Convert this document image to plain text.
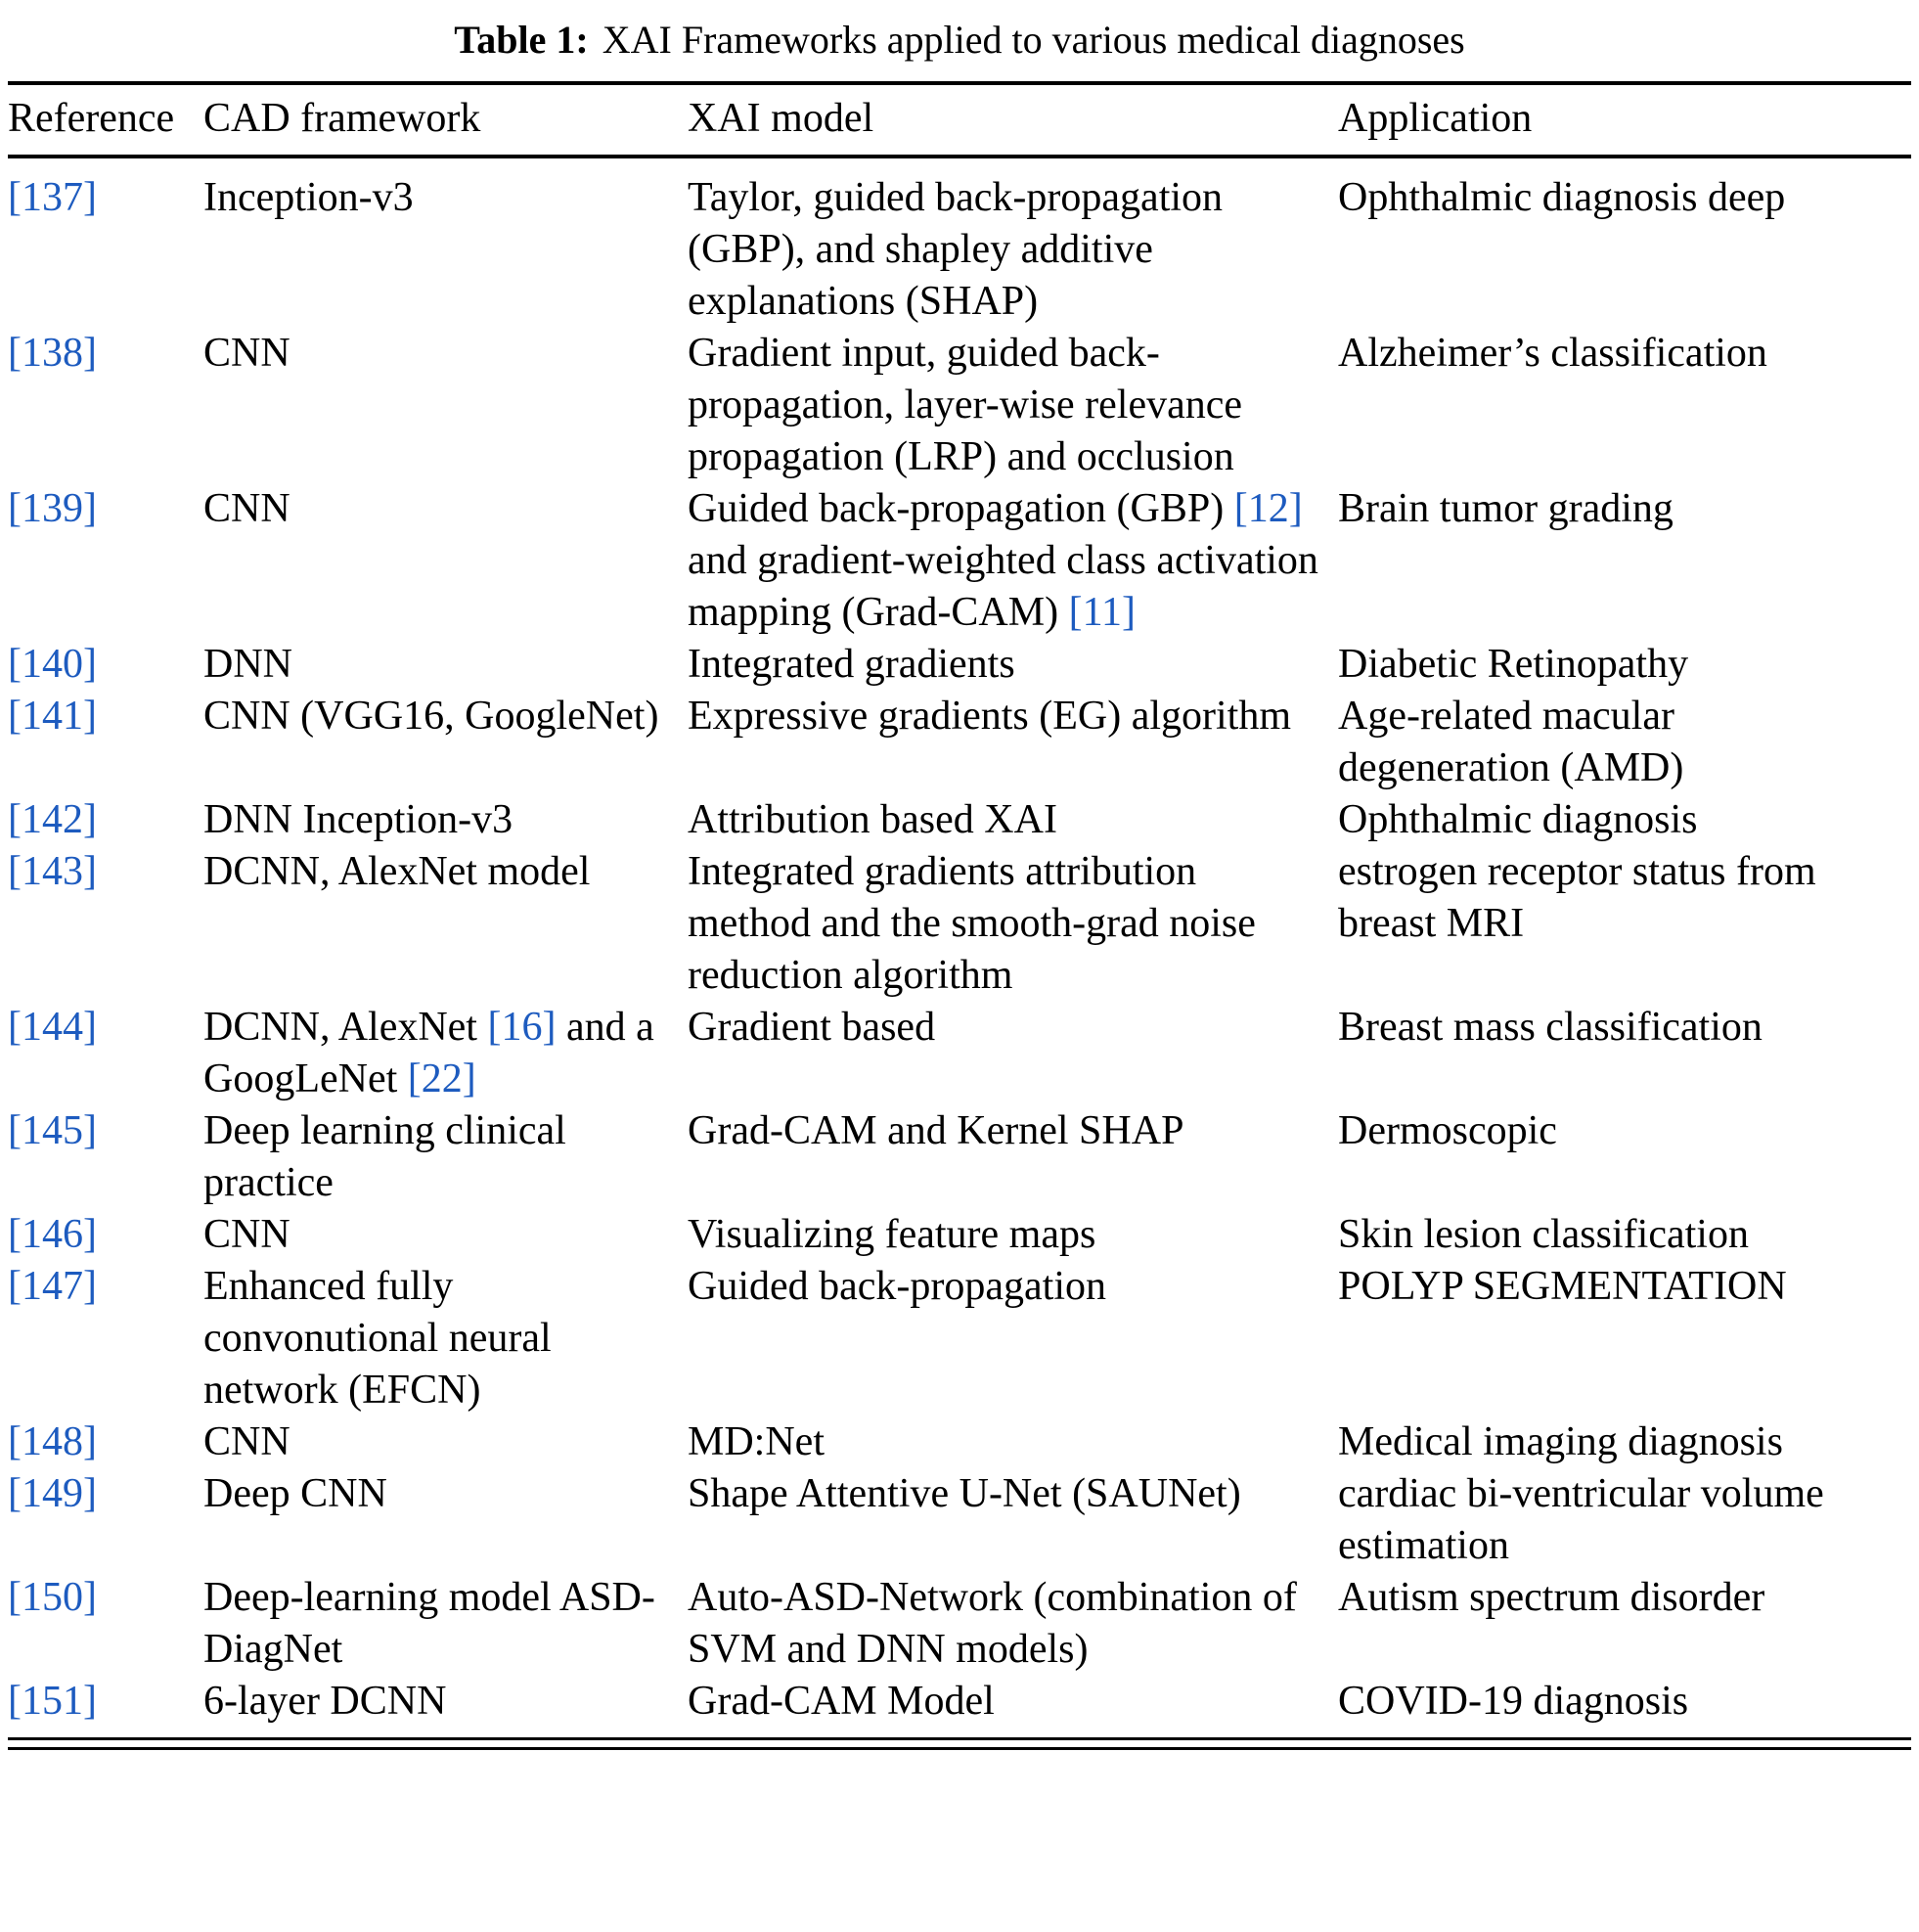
Table 1: XAI Frameworks applied to various medical diagnoses
Reference	CAD framework	XAI model	Application
[137]	Inception-v3	Taylor, guided back-propagation (GBP), and shapley additive explanations (SHAP)	Ophthalmic diagnosis deep
[138]	CNN	Gradient input, guided back-propagation, layer-wise relevance propagation (LRP) and occlusion	Alzheimer’s classification
[139]	CNN	Guided back-propagation (GBP) [12] and gradient-weighted class activation mapping (Grad-CAM) [11]	Brain tumor grading
[140]	DNN	Integrated gradients	Diabetic Retinopathy
[141]	CNN (VGG16, GoogleNet)	Expressive gradients (EG) algorithm	Age-related macular degeneration (AMD)
[142]	DNN Inception-v3	Attribution based XAI	Ophthalmic diagnosis
[143]	DCNN, AlexNet model	Integrated gradients attribution method and the smooth-grad noise reduction algorithm	estrogen receptor status from breast MRI
[144]	DCNN, AlexNet [16] and a GoogLeNet [22]	Gradient based	Breast mass classification
[145]	Deep learning clinical practice	Grad-CAM and Kernel SHAP	Dermoscopic
[146]	CNN	Visualizing feature maps	Skin lesion classification
[147]	Enhanced fully convonutional neural network (EFCN)	Guided back-propagation	POLYP SEGMENTATION
[148]	CNN	MD:Net	Medical imaging diagnosis
[149]	Deep CNN	Shape Attentive U-Net (SAUNet)	cardiac bi-ventricular volume estimation
[150]	Deep-learning model ASD-DiagNet	Auto-ASD-Network (combination of SVM and DNN models)	Autism spectrum disorder
[151]	6-layer DCNN	Grad-CAM Model	COVID-19 diagnosis
